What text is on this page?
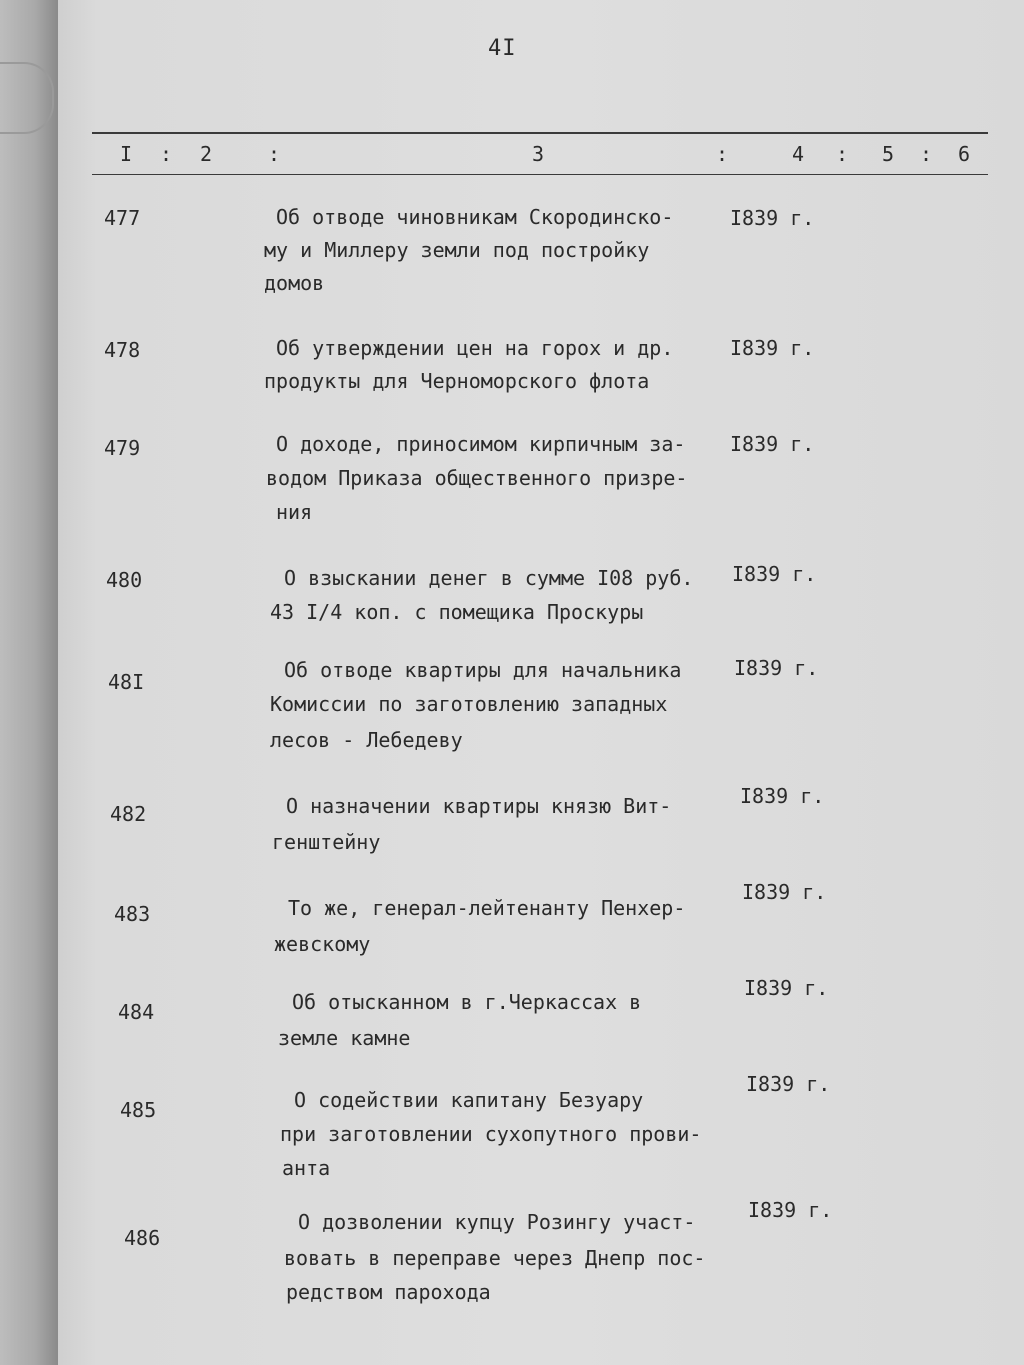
4I
I : 2	:	3	:	4 : 5 : 6
477	Об отводе чиновникам Скородинско-
му и Миллеру земли под постройку
домов
I839 г.
478	Об утверждении цен на горох и др.
продукты для Черноморского флота
I839 г.
479	О доходе, приносимом кирпичным за-
водом Приказа общественного призре-
ния
I839 г.
480	О взыскании денег в сумме I08 руб.
43 I/4 коп. с помещика Проскуры
I839 г.
48I	Об отводе квартиры для начальника
Комиссии по заготовлению западных
лесов - Лебедеву
I839 г.
482	О назначении квартиры князю Вит-
генштейну
I839 г.
483	То же, генерал-лейтенанту Пенхер-
жевскому
I839 г.
484	Об отысканном в г.Черкассах в
земле камне
I839 г.
485	О содействии капитану Безуару
при заготовлении сухопутного прови-
анта
I839 г.
486
О дозволении купцу Розингу участ-
вовать в переправе через Днепр пос-
редством парохода
I839 г.
